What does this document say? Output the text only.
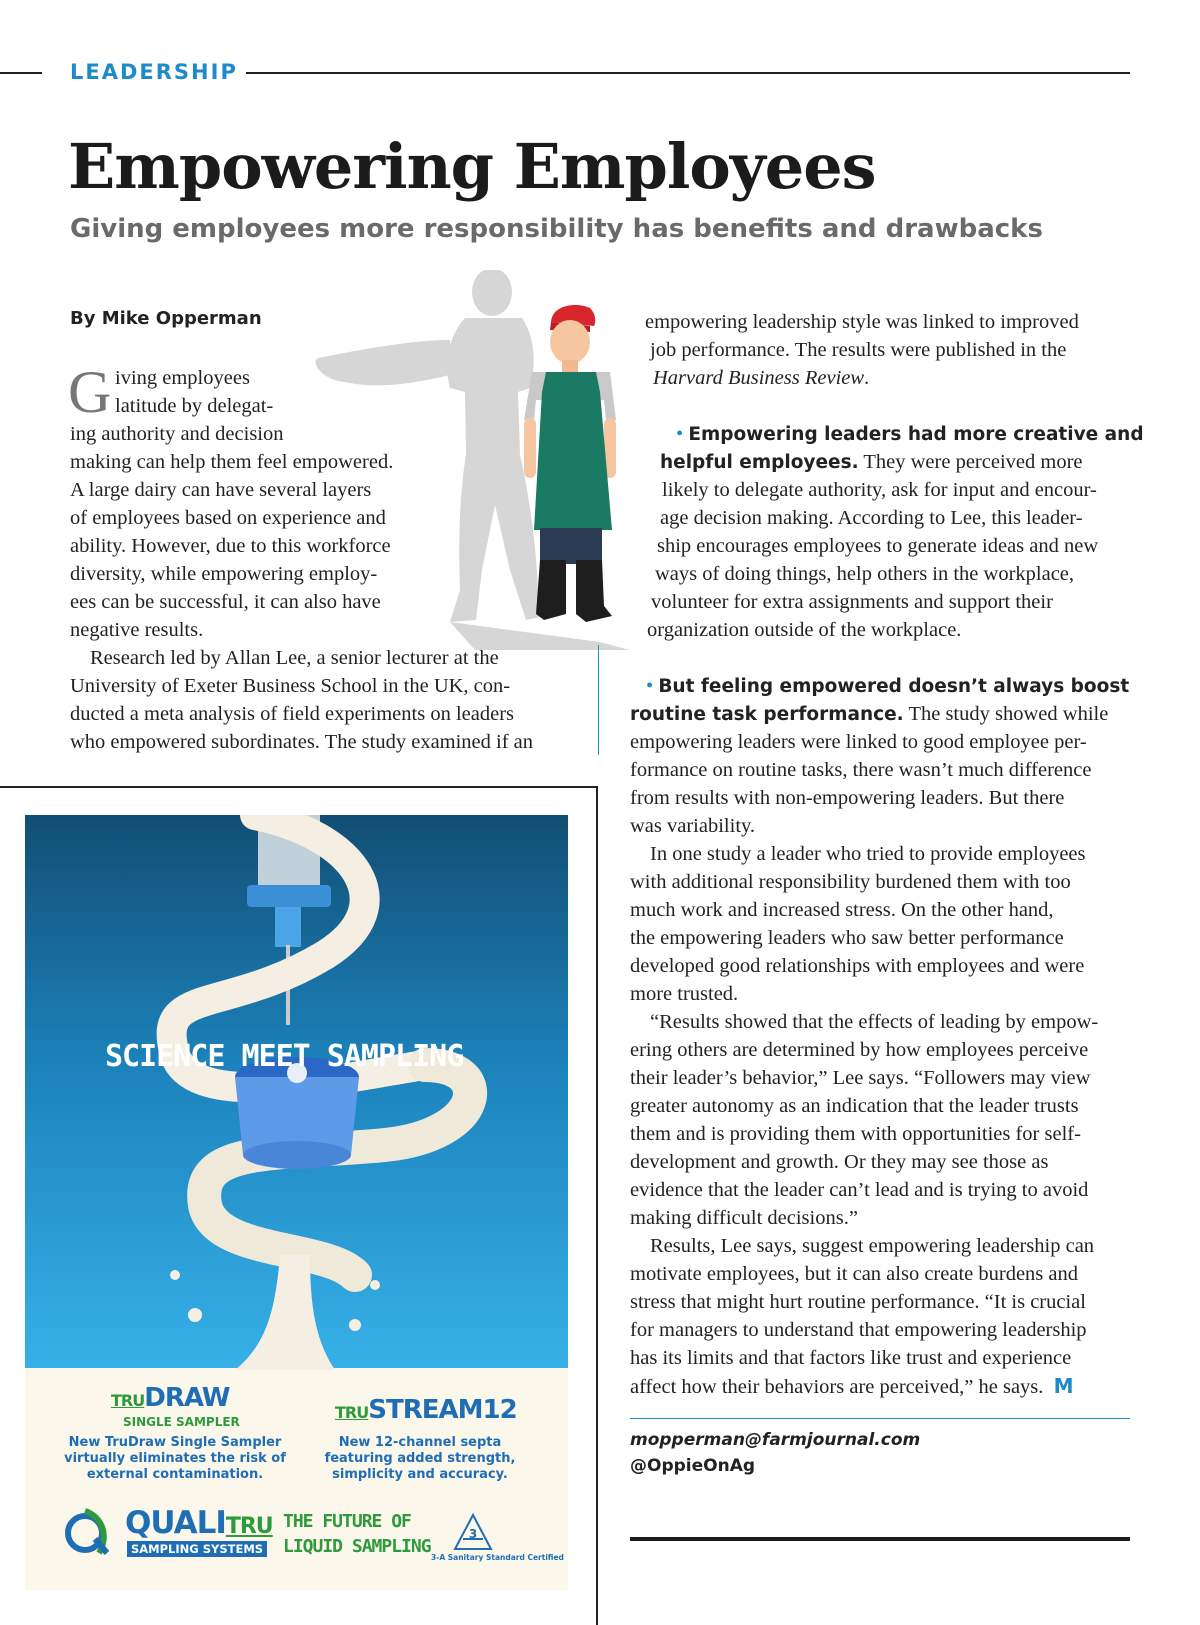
LEADERSHIP
Empowering Employees
Giving employees more responsibility has benefits and drawbacks
By Mike Opperman
G iving employees
latitude by delegat-
ing authority and decision
making can help them feel empowered.
A large dairy can have several layers
of employees based on experience and
ability. However, due to this workforce
diversity, while empowering employ-
ees can be successful, it can also have
negative results.
Research led by Allan Lee, a senior lecturer at the
University of Exeter Business School in the UK, con-
ducted a meta analysis of field experiments on leaders
who empowered subordinates. The study examined if an
empowering leadership style was linked to improved
job performance. The results were published in the
Harvard Business Review.
• Empowering leaders had more creative and
helpful employees. They were perceived more
likely to delegate authority, ask for input and encour-
age decision making. According to Lee, this leader-
ship encourages employees to generate ideas and new
ways of doing things, help others in the workplace,
volunteer for extra assignments and support their
organization outside of the workplace.
• But feeling empowered doesn’t always boost
routine task performance. The study showed while
empowering leaders were linked to good employee per-
formance on routine tasks, there wasn’t much difference
from results with non-empowering leaders. But there
was variability.
In one study a leader who tried to provide employees
with additional responsibility burdened them with too
much work and increased stress. On the other hand,
the empowering leaders who saw better performance
developed good relationships with employees and were
more trusted.
“Results showed that the effects of leading by empow-
ering others are determined by how employees perceive
their leader’s behavior,” Lee says. “Followers may view
greater autonomy as an indication that the leader trusts
them and is providing them with opportunities for self-
development and growth. Or they may see those as
evidence that the leader can’t lead and is trying to avoid
making difficult decisions.”
Results, Lee says, suggest empowering leadership can
motivate employees, but it can also create burdens and
stress that might hurt routine performance. “It is crucial
for managers to understand that empowering leadership
has its limits and that factors like trust and experience
affect how their behaviors are perceived,” he says. M
mopperman@farmjournal.com
@OppieOnAg
SCIENCE MEET SAMPLING
TRUDRAW
SINGLE SAMPLER
New TruDraw Single Sampler
virtually eliminates the risk of
external contamination.
TRUSTREAM12
New 12-channel septa
featuring added strength,
simplicity and accuracy.
QUALITRU
SAMPLING SYSTEMS
THE FUTURE OF
LIQUID SAMPLING
3
3-A Sanitary Standard Certified
